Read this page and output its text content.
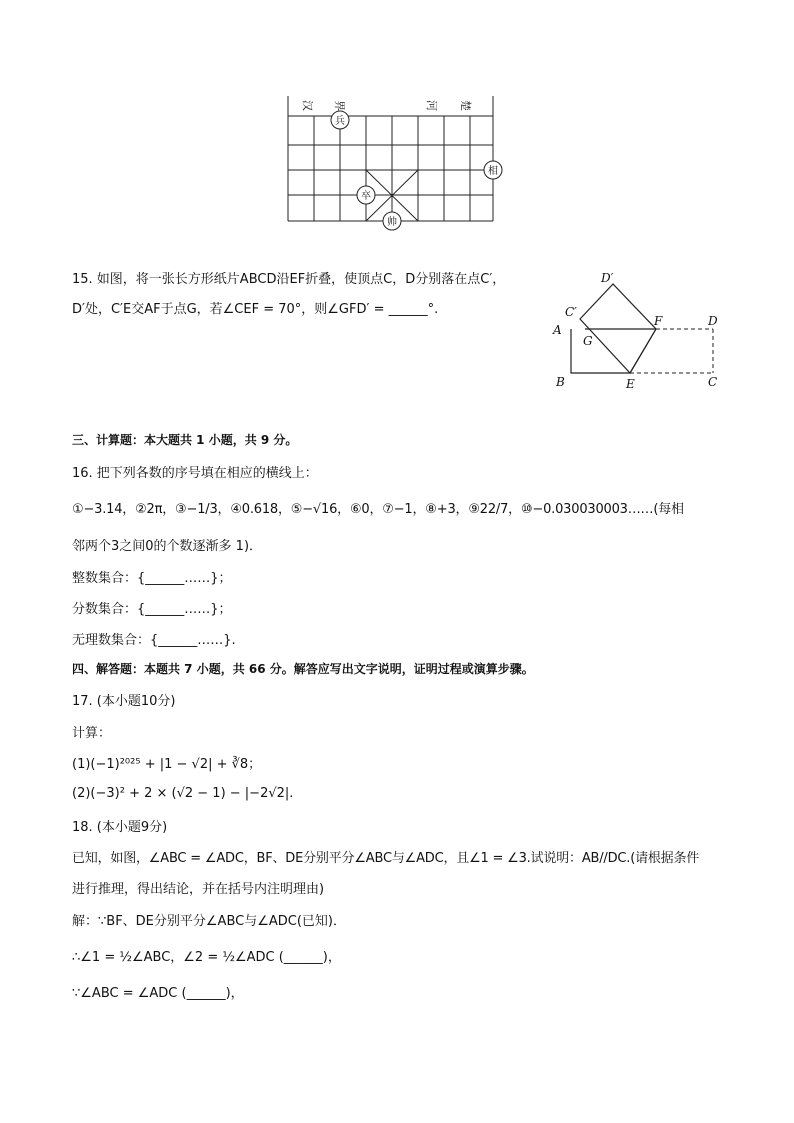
汉 界	河 楚
兵
相
卒
帅
15. 如图，将一张长方形纸片ABCD沿EF折叠，使顶点C，D分别落在点C′，
D′处，C′E交AF于点G，若∠CEF = 70°，则∠GFD′ = ______°.
D′
C′
A
G
F	D
B	E	C
三、计算题：本大题共 1 小题，共 9 分。
16. 把下列各数的序号填在相应的横线上：
①−3.14，②2π，③−1/3，④0.618，⑤−√16，⑥0，⑦−1，⑧+3，⑨22/7，⑩−0.030030003……(每相
邻两个3之间0的个数逐渐多 1)．
整数集合：{______……}；
分数集合：{______……}；
无理数集合：{______……}.
四、解答题：本题共 7 小题，共 66 分。解答应写出文字说明，证明过程或演算步骤。
17. (本小题10分)
计算：
(1)(−1)²⁰²⁵ + |1 − √2| + ∛8；
(2)(−3)² + 2 × (√2 − 1) − |−2√2|.
18. (本小题9分)
已知，如图，∠ABC = ∠ADC，BF、DE分别平分∠ABC与∠ADC，且∠1 = ∠3.试说明：AB//DC.(请根据条件
进行推理，得出结论，并在括号内注明理由)
解：∵BF、DE分别平分∠ABC与∠ADC(已知)．
∴∠1 = ½∠ABC，∠2 = ½∠ADC (______)，
∵∠ABC = ∠ADC (______)，
